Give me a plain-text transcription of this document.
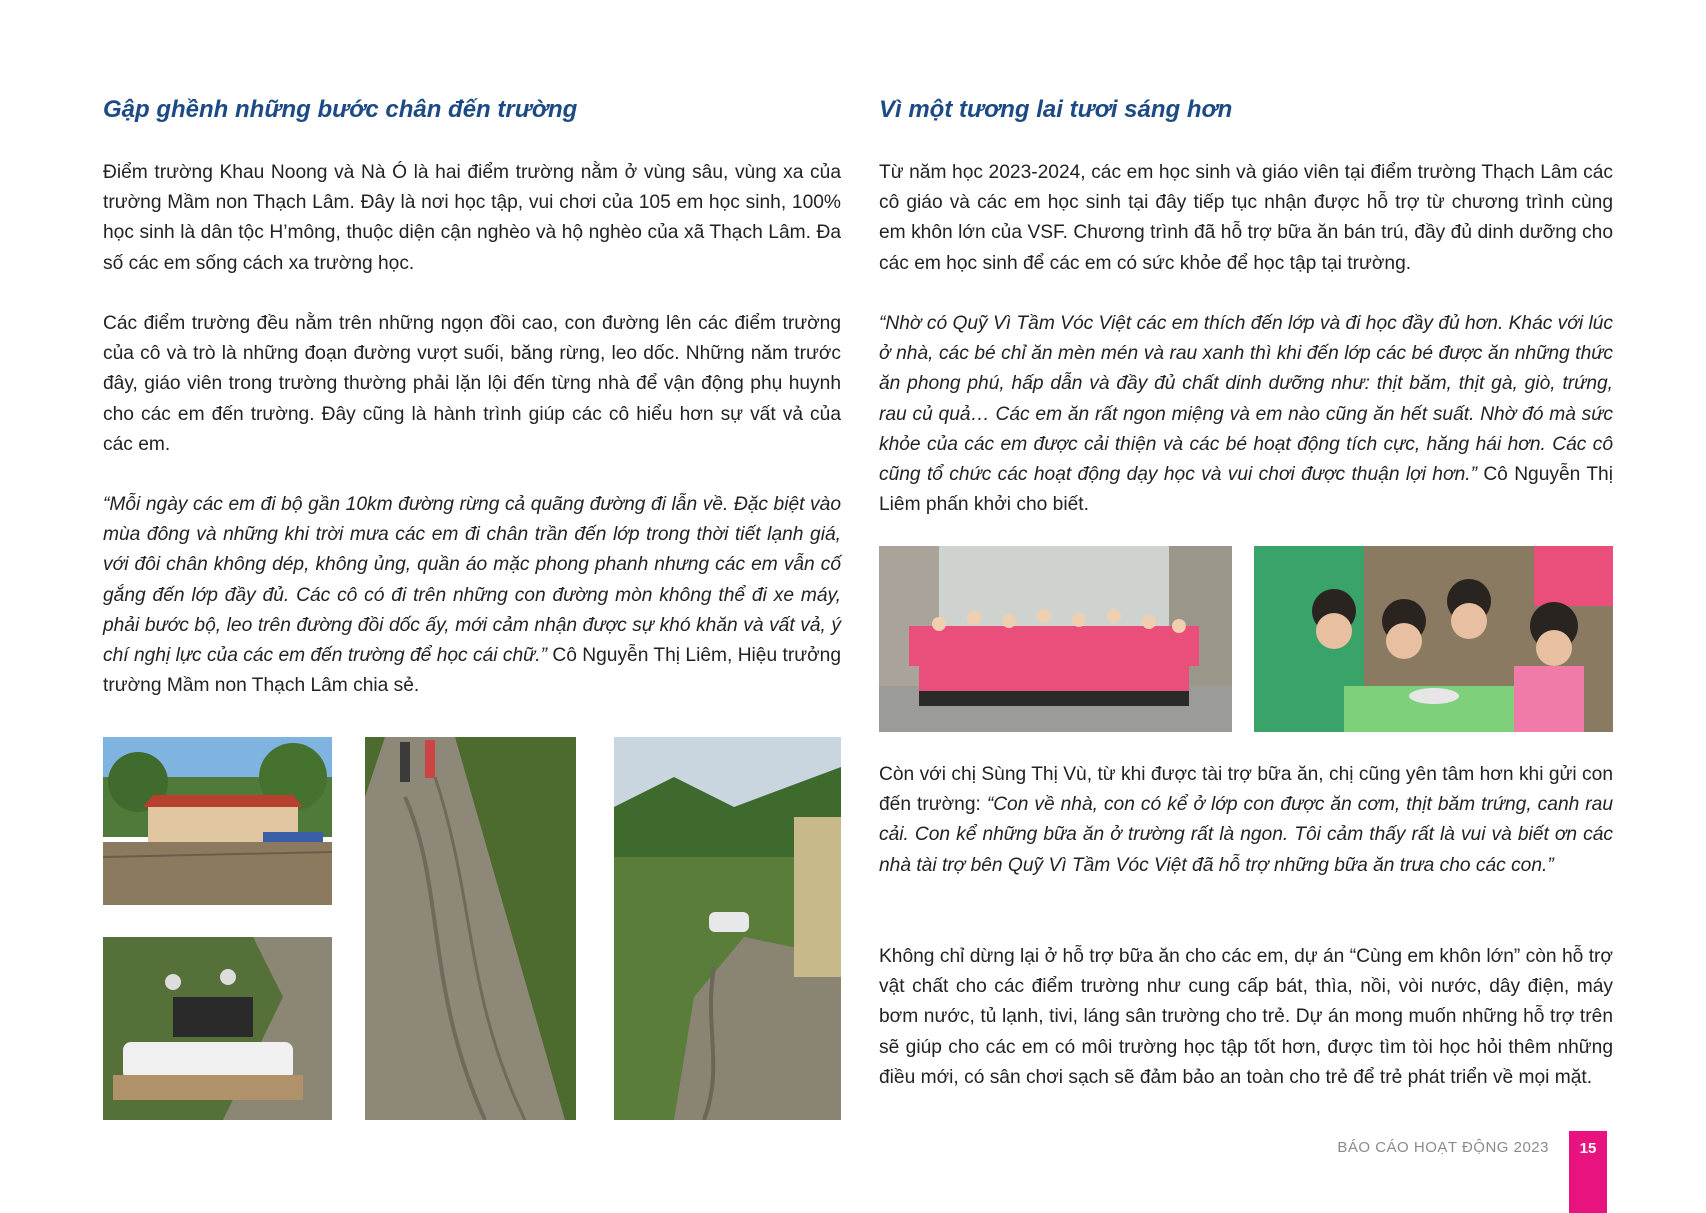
Gập ghềnh những bước chân đến trường

Điểm trường Khau Noong và Nà Ó là hai điểm trường nằm ở vùng sâu, vùng xa của trường Mầm non Thạch Lâm. Đây là nơi học tập, vui chơi của 105 em học sinh, 100% học sinh là dân tộc H’mông, thuộc diện cận nghèo và hộ nghèo của xã Thạch Lâm. Đa số các em sống cách xa trường học.

Các điểm trường đều nằm trên những ngọn đồi cao, con đường lên các điểm trường của cô và trò là những đoạn đường vượt suối, băng rừng, leo dốc. Những năm trước đây, giáo viên trong trường thường phải lặn lội đến từng nhà để vận động phụ huynh cho các em đến trường. Đây cũng là hành trình giúp các cô hiểu hơn sự vất vả của các em.

“Mỗi ngày các em đi bộ gần 10km đường rừng cả quãng đường đi lẫn về. Đặc biệt vào mùa đông và những khi trời mưa các em đi chân trần đến lớp trong thời tiết lạnh giá, với đôi chân không dép, không ủng, quần áo mặc phong phanh nhưng các em vẫn cố gắng đến lớp đầy đủ. Các cô có đi trên những con đường mòn không thể đi xe máy, phải bước bộ, leo trên đường đồi dốc ấy, mới cảm nhận được sự khó khăn và vất vả, ý chí nghị lực của các em đến trường để học cái chữ.” Cô Nguyễn Thị Liêm, Hiệu trưởng trường Mầm non Thạch Lâm chia sẻ.

Vì một tương lai tươi sáng hơn

Từ năm học 2023-2024, các em học sinh và giáo viên tại điểm trường Thạch Lâm các cô giáo và các em học sinh tại đây tiếp tục nhận được hỗ trợ từ chương trình cùng em khôn lớn của VSF. Chương trình đã hỗ trợ bữa ăn bán trú, đầy đủ dinh dưỡng cho các em học sinh để các em có sức khỏe để học tập tại trường.

“Nhờ có Quỹ Vì Tầm Vóc Việt các em thích đến lớp và đi học đầy đủ hơn. Khác với lúc ở nhà, các bé chỉ ăn mèn mén và rau xanh thì khi đến lớp các bé được ăn những thức ăn phong phú, hấp dẫn và đầy đủ chất dinh dưỡng như: thịt băm, thịt gà, giò, trứng, rau củ quả… Các em ăn rất ngon miệng và em nào cũng ăn hết suất. Nhờ đó mà sức khỏe của các em được cải thiện và các bé hoạt động tích cực, hăng hái hơn. Các cô cũng tổ chức các hoạt động dạy học và vui chơi được thuận lợi hơn.” Cô Nguyễn Thị Liêm phấn khởi cho biết.

Còn với chị Sùng Thị Vù, từ khi được tài trợ bữa ăn, chị cũng yên tâm hơn khi gửi con đến trường: “Con về nhà, con có kể ở lớp con được ăn cơm, thịt băm trứng, canh rau cải. Con kể những bữa ăn ở trường rất là ngon. Tôi cảm thấy rất là vui và biết ơn các nhà tài trợ bên Quỹ Vì Tầm Vóc Việt đã hỗ trợ những bữa ăn trưa cho các con.”

Không chỉ dừng lại ở hỗ trợ bữa ăn cho các em, dự án “Cùng em khôn lớn” còn hỗ trợ vật chất cho các điểm trường như cung cấp bát, thìa, nồi, vòi nước, dây điện, máy bơm nước, tủ lạnh, tivi, láng sân trường cho trẻ. Dự án mong muốn những hỗ trợ trên sẽ giúp cho các em có môi trường học tập tốt hơn, được tìm tòi học hỏi thêm những điều mới, có sân chơi sạch sẽ đảm bảo an toàn cho trẻ để trẻ phát triển về mọi mặt.

BÁO CÁO HOẠT ĐỘNG 2023	15
